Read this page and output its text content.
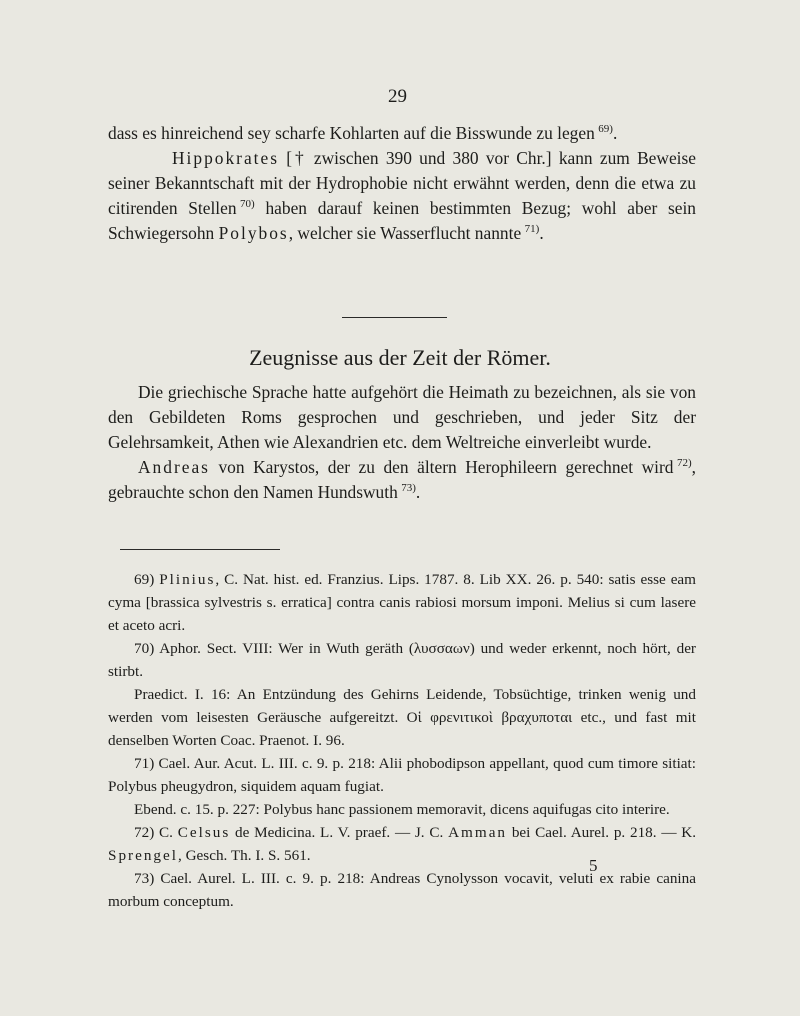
29

dass es hinreichend sey scharfe Kohlarten auf die Bisswunde zu legen  $^{69)}$.

Hippokrates [† zwischen 390 und 380 vor Chr.] kann zum Beweise seiner Bekanntschaft mit der Hydrophobie nicht erwähnt werden, denn die etwa zu citirenden Stellen  $^{70)}$ haben darauf keinen bestimmten Bezug; wohl aber sein Schwiegersohn Polybos, welcher sie Wasserflucht nannte  $^{71)}$.

Zeugnisse aus der Zeit der Römer.

Die griechische Sprache hatte aufgehört die Heimath zu bezeichnen, als sie von den Gebildeten Roms gesprochen und geschrieben, und jeder Sitz der Gelehrsamkeit, Athen wie Alexandrien etc. dem Weltreiche einverleibt wurde.

Andreas von Karystos, der zu den ältern Herophileern gerechnet wird  $^{72)}$, gebrauchte schon den Namen Hundswuth  $^{73)}$.

69) Plinius, C. Nat. hist. ed. Franzius. Lips. 1787. 8. Lib XX. 26. p. 540: satis esse eam cyma [brassica sylvestris s. erratica] contra canis rabiosi morsum imponi. Melius si cum lasere et aceto acri.

70) Aphor. Sect. VIII: Wer in Wuth geräth (λυσσαων) und weder erkennt, noch hört, der stirbt.

Praedict. I. 16: An Entzündung des Gehirns Leidende, Tobsüchtige, trinken wenig und werden vom leisesten Geräusche aufgereitzt. Οἱ φρενιτικοὶ βραχυποται etc., und fast mit denselben Worten Coac. Praenot. I. 96.

71) Cael. Aur. Acut. L. III. c. 9. p. 218: Alii phobodipson appellant, quod cum timore sitiat: Polybus pheugydron, siquidem aquam fugiat.

Ebend. c. 15. p. 227: Polybus hanc passionem memoravit, dicens aquifugas cito interire.

72) C. Celsus de Medicina. L. V. praef. — J. C. Amman bei Cael. Aurel. p. 218. — K. Sprengel, Gesch. Th. I. S. 561.

73) Cael. Aurel. L. III. c. 9. p. 218: Andreas Cynolysson vocavit, veluti ex rabie canina morbum conceptum.

5
